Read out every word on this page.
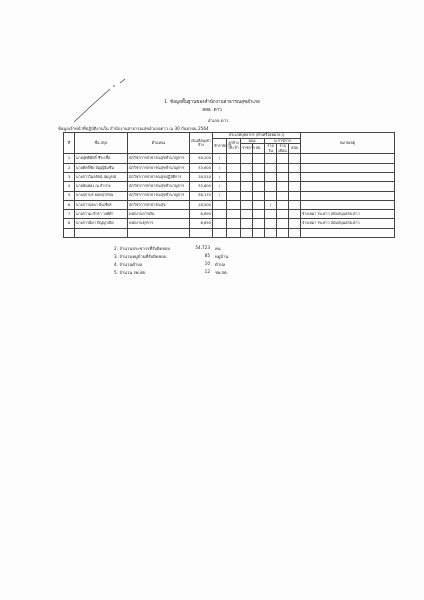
1. ข้อมูลพื้นฐานของสำนักงานสาธารณสุขอำเภอ
สสอ. ตาว
อำเภอ ตาว
ข้อมูลเจ้าหน้าที่ปฏิบัติงานใน สำนักงานสาธารณสุขอำเภอตาว ณ 30 กันยายน 2564
ที่	ชื่อ-สกุล	ตำแหน่ง	เงินเดือน/ค่าจ้าง	ประเภทบุคลากร (ทำเครื่องหมาย /)							หมายเหตุ
				ข้าราชการ	ลูกจ้างประจำ	พนง.		พ.ราชการ			
						ราชการ	สธ.	รายวัน	รายเดือน	สนับ	
1	นายสุทธิศักดิ์ ชีระเชื้อ	นักวิชาการสาธารณสุขชำนาญการ	56,200	/							
2	นายศักดิ์ชัย ปัญญ์อิ่มชื่น	นักวิชาการสาธารณสุขชำนาญการ	33,600	/							
3	นางสาววิมลรัตน์ สมบูรณ์	นักวิชาการสาธารณสุขปฏิบัติการ	18,510	/							
4	นายพันทอง ณ ลำปาง	นักวิชาการสาธารณสุขชำนาญการ	33,800	/							
5	นางสุภาพร ยอดสุวรรณ	นักวิชาการสาธารณสุขชำนาญการ	38,170	/							
6	นางสาวกุลพา อินเชียร	นักวิชาการสาธารณสุข	18,000					/			
7	นางสาวมะลิวรา วงศ์คำ	พนักงานการเงิน	8,690								จ้างเหมา รพ.ตาว สนับสนุนสสอ.ตาว
8	นางสาวนิษา ปัญญาเปิด	พนักงานธุรการ	8,690								จ้างเหมา รพ.ตาว สนับสนุนสสอ.ตาว

2. จำนวนประชากรที่รับผิดชอบ	54,723 คน
3. จำนวนหมู่บ้านที่รับผิดชอบ	85 หมู่บ้าน
4. จำนวนตำบล	10 ตำบล
5. จำนวน รพ.สต.	12 รพ.สต.
